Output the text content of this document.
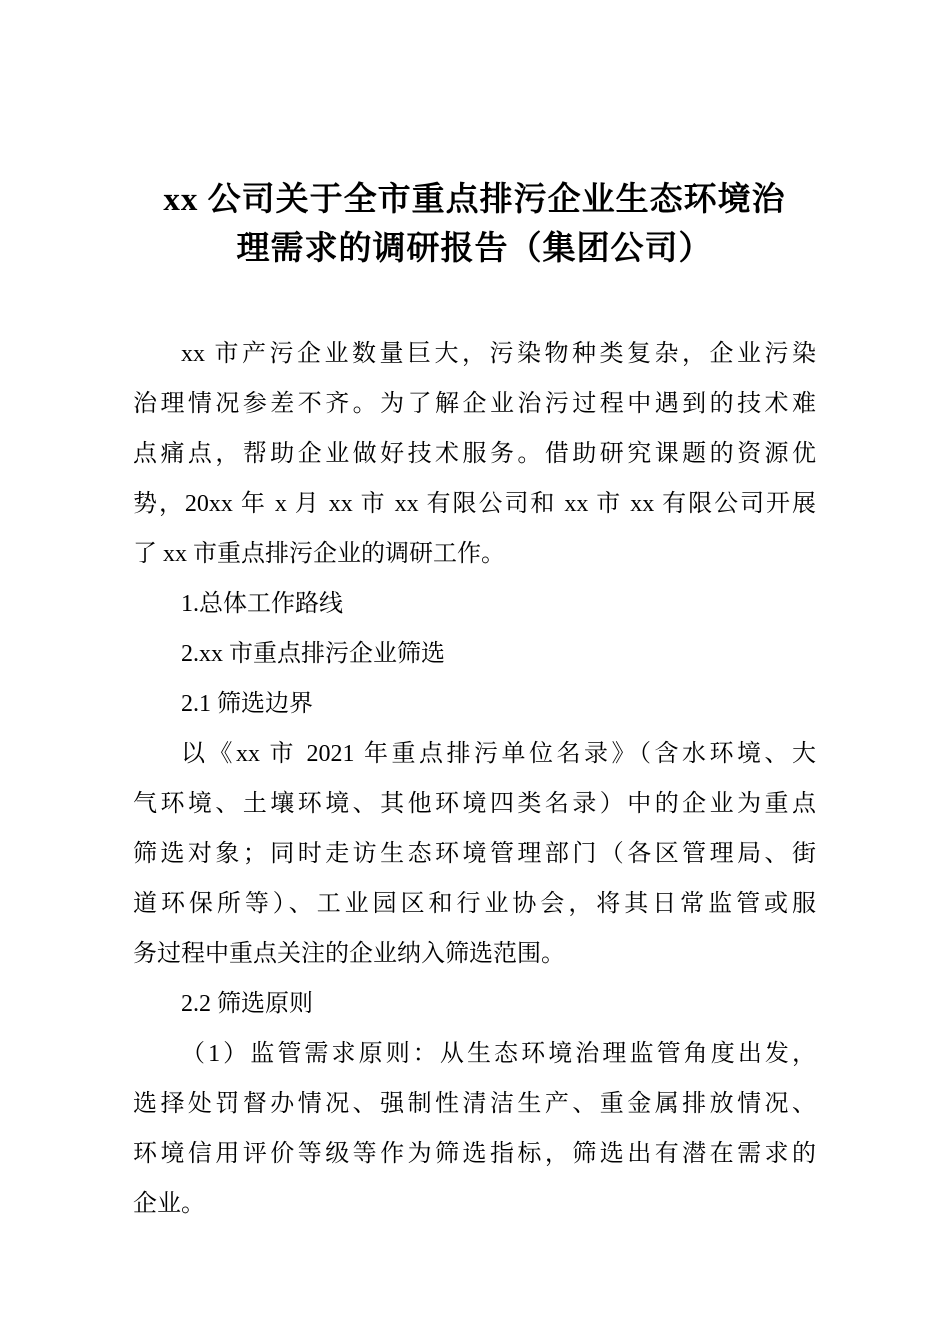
xx 公司关于全市重点排污企业生态环境治
理需求的调研报告（集团公司）
xx 市产污企业数量巨大，污染物种类复杂，企业污染
治理情况参差不齐。为了解企业治污过程中遇到的技术难
点痛点，帮助企业做好技术服务。借助研究课题的资源优
势，20xx 年 x 月 xx 市 xx 有限公司和 xx 市 xx 有限公司开展
了 xx 市重点排污企业的调研工作。
1.总体工作路线
2.xx 市重点排污企业筛选
2.1 筛选边界
以《xx 市 2021 年重点排污单位名录》（含水环境、大
气环境、土壤环境、其他环境四类名录）中的企业为重点
筛选对象；同时走访生态环境管理部门（各区管理局、街
道环保所等）、工业园区和行业协会，将其日常监管或服
务过程中重点关注的企业纳入筛选范围。
2.2 筛选原则
（1）监管需求原则：从生态环境治理监管角度出发，
选择处罚督办情况、强制性清洁生产、重金属排放情况、
环境信用评价等级等作为筛选指标，筛选出有潜在需求的
企业。
